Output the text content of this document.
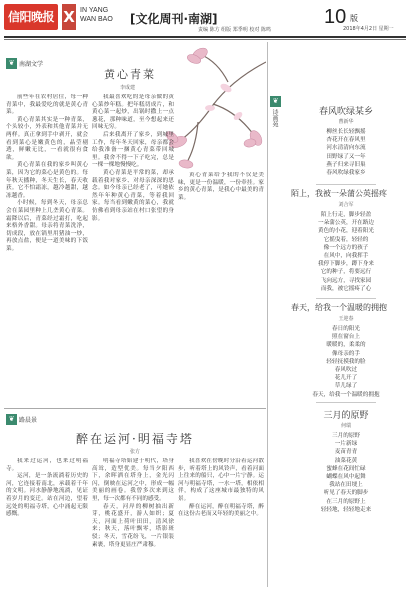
信阳晚报 X IN YANG
WAN BAO [文化周刊·南湖]
责编 陈方 组版 郑季明 校对 陈鸣
10 版
2018年4月2日 星期一
❦ 南湖文学
黄心青菜
李成建

前些年在农村居住，每一种青菜中，我最爱吃的就是黄心青菜。

黄心青菜其实是一种青菜，个头较小，外表和其他青菜并无两样。真正拿到手中剥开，就会看到菜心是嫩黄色的，晶莹剔透，鲜嫩无比，一看就很有食欲。

黄心青菜在我的家乡叫黄心菜，因为它的菜心是黄色的。每年秋天播种，冬天生长，春天收获。它不怕霜冻，越冷越甜，越冻越香。

小时候，每到冬天，母亲总会在菜园里种上几垄黄心青菜。霜降以后，青菜经过霜打，吃起来格外香甜。母亲将青菜洗净，切成段，放在锅里用猪油一炒，再放点盐，便是一道美味的下饭菜。

我最喜欢吃的是母亲做的黄心菜炒年糕。把年糕切成片，和黄心菜一起炒，出锅时撒上一点葱花，那种味道，至今想起来还回味无穷。

后来我离开了家乡，到城里工作，每年冬天回家，母亲都会给我准备一捆黄心青菜带回城里。我舍不得一下子吃完，总是一棵一棵地慢慢吃。

黄心青菜是平常的菜，却承载着我对家乡、对母亲深深的思念。如今母亲已经老了，可她依然年年种黄心青菜，等着我回家。每当看到嫩黄的菜心，我就仿佛看到母亲站在村口张望的身影。

黄心青菜给予我的不仅是美味，更是一份温暖，一份牵挂。家乡的黄心青菜，是我心中最美的青菜。

❦ 路晨景
醉在运河·明福寺塔
张方

我来过运河，也来过明福寺。

运河，是一条流淌着历史的河，它连接着南北，承载着千年的文明。河水静静地流淌，见证着岁月的变迁。站在河边，望着远处的明福寺塔，心中涌起无限感慨。

明福寺塔始建于明代，塔身高耸，造型优美。每当夕阳西下，余晖洒在塔身上，金光闪闪，倒映在运河之中，形成一幅美丽的画卷。我曾多次来到这里，每一次都有不同的感受。

春天，河岸的柳树抽出新芽，桃花盛开，游人如织；夏天，河面上荷叶田田，清风徐来；秋天，落叶飘零，塔影斑驳；冬天，雪花纷飞，一片银装素裹，塔身更显庄严肃穆。

我喜欢在傍晚时分沿着运河散步，听着塔上的风铃声，看着河面上往来的船只，心中一片宁静。运河与明福寺塔，一水一塔，相依相伴，构成了这座城市最独特的风景。

醉在运河，醉在明福寺塔，醉在这份古老而又年轻的美丽之中。

❦
诗画苑	春风吹绿某乡
曹新华
柳丝长长轻飘摇
杏花开在春风里
河水清清向东流
田野绿了又一年
燕子归来寻旧巢
春风吹绿我家乡
陌上，我被一朵蒲公英摇疼
刘合军
陌上行走，脚步轻盈
一朵蒲公英，开在路边
黄色的小花，迎着阳光
它摇曳着，轻轻的
像一个远方的孩子
在风中，向我挥手
我停下脚步，蹲下身来
它的种子，将要远行
飞向远方，寻找家园
而我，被它摇疼了心
春天，给我一个温暖的拥抱
王迎春
春日的阳光
照在窗台上
暖暖的，柔柔的
像母亲的手
轻轻抚摸我的脸
春风吹过
花儿开了
草儿绿了
春天，给我一个温暖的拥抱
三月的原野
何瑞
三月的原野
一片新绿
麦苗青青
油菜花黄
蜜蜂在花间忙碌
蝴蝶在风中起舞
我站在田埂上
听见了春天的脚步
在三月的原野上
轻轻地，轻轻地走来
